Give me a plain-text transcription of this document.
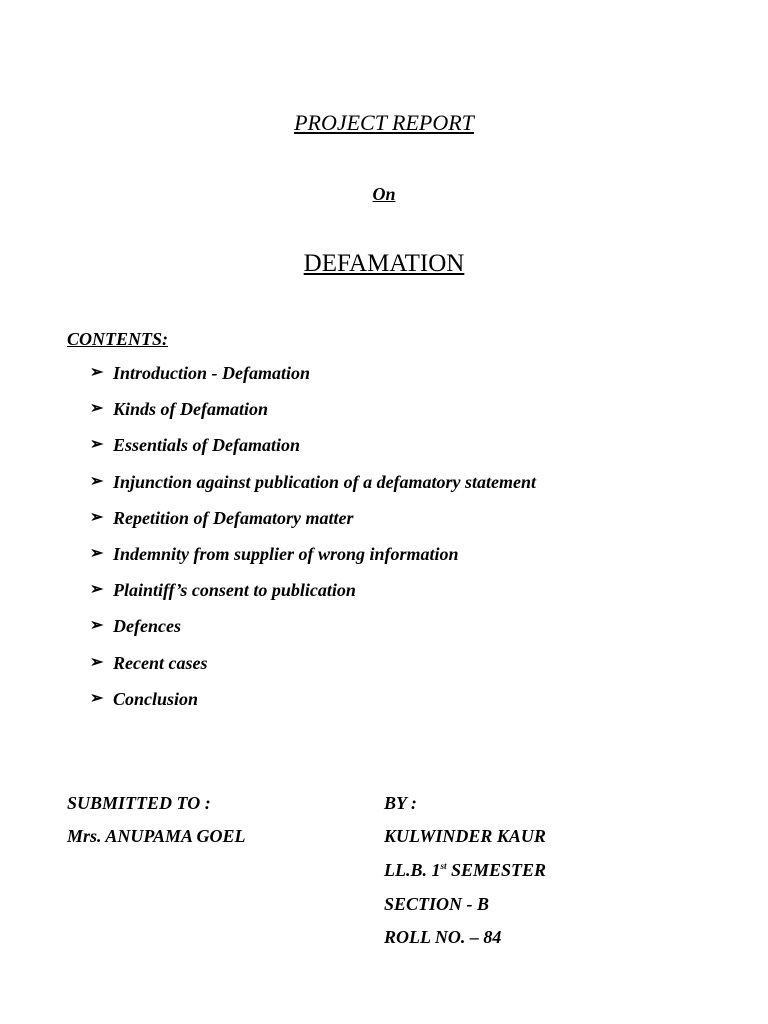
PROJECT REPORT
On
DEFAMATION
CONTENTS:
➢ Introduction - Defamation
➢ Kinds of Defamation
➢ Essentials of Defamation
➢ Injunction against publication of a defamatory statement
➢ Repetition of Defamatory matter
➢ Indemnity from supplier of wrong information
➢ Plaintiff’s consent to publication
➢ Defences
➢ Recent cases
➢ Conclusion
SUBMITTED TO :
Mrs. ANUPAMA GOEL
BY :
KULWINDER KAUR
LL.B. 1st SEMESTER
SECTION - B
ROLL NO. – 84
